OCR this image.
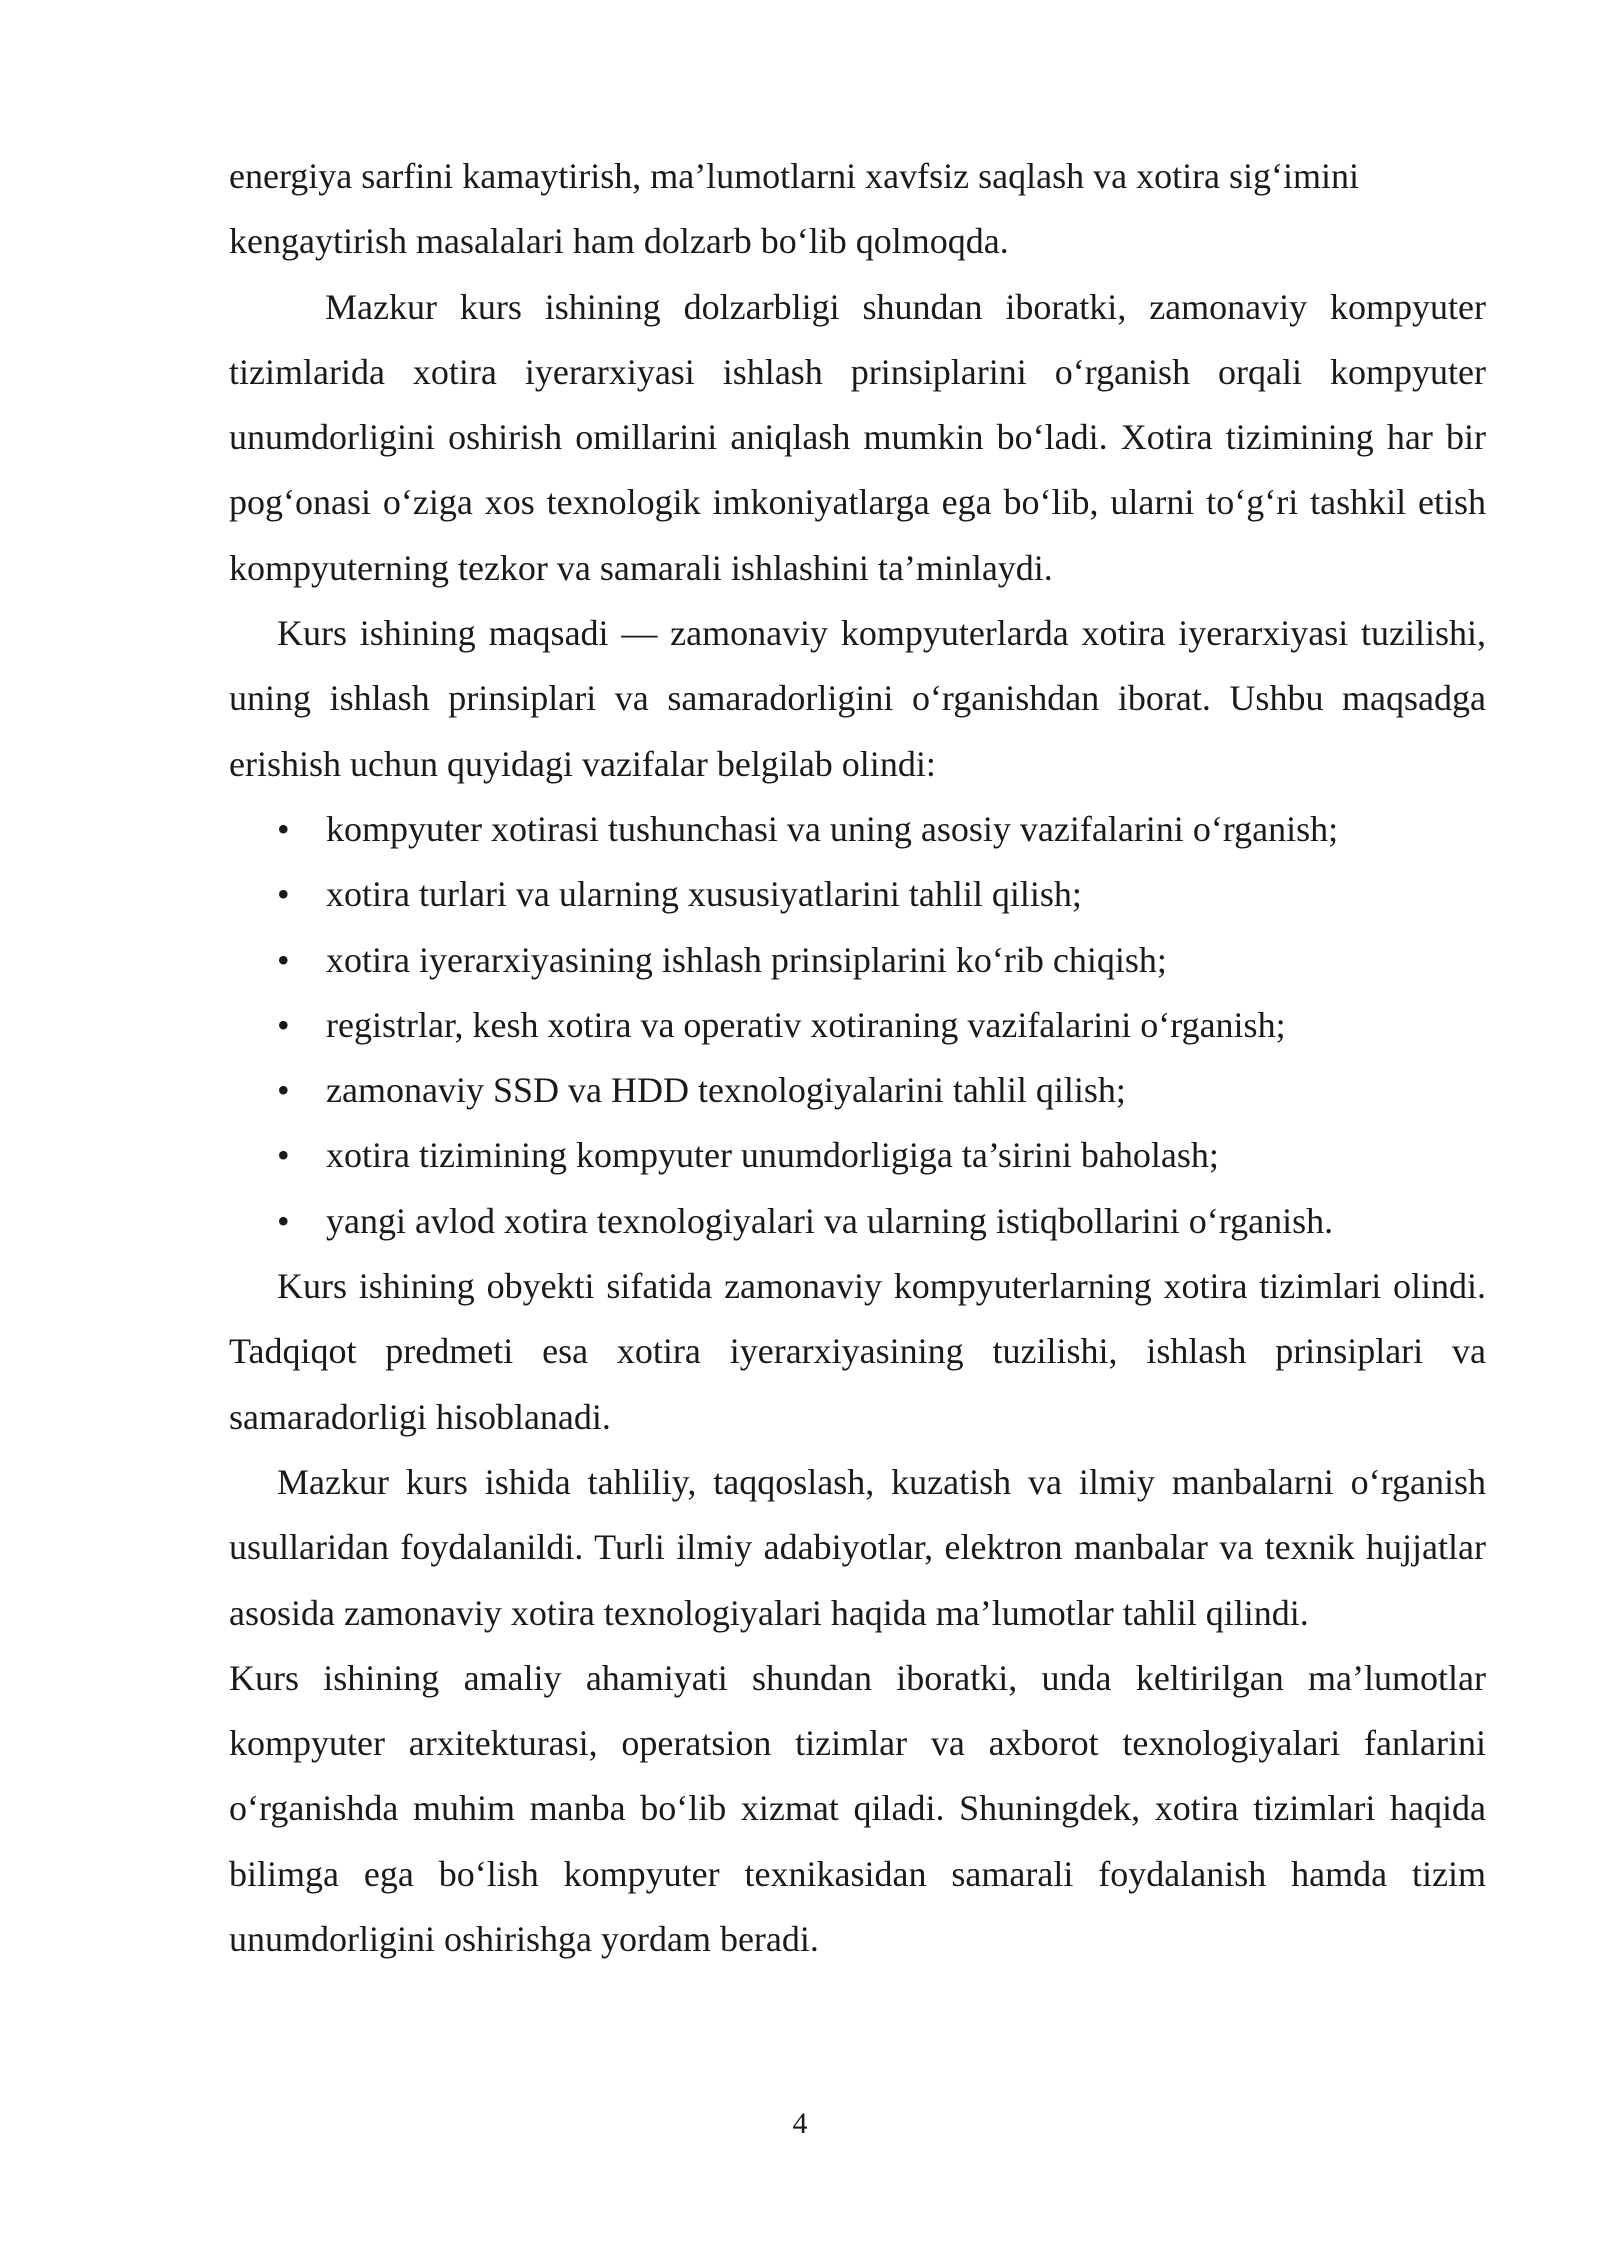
energiya sarfini kamaytirish, ma’lumotlarni xavfsiz saqlash va xotira sig‘imini
kengaytirish masalalari ham dolzarb bo‘lib qolmoqda.

Mazkur kurs ishining dolzarbligi shundan iboratki, zamonaviy kompyuter tizimlarida xotira iyerarxiyasi ishlash prinsiplarini o‘rganish orqali kompyuter unumdorligini oshirish omillarini aniqlash mumkin bo‘ladi. Xotira tizimining har bir pog‘onasi o‘ziga xos texnologik imkoniyatlarga ega bo‘lib, ularni to‘g‘ri tashkil etish kompyuterning tezkor va samarali ishlashini ta’minlaydi.

Kurs ishining maqsadi — zamonaviy kompyuterlarda xotira iyerarxiyasi tuzilishi, uning ishlash prinsiplari va samaradorligini o‘rganishdan iborat. Ushbu maqsadga erishish uchun quyidagi vazifalar belgilab olindi:

• kompyuter xotirasi tushunchasi va uning asosiy vazifalarini o‘rganish;
• xotira turlari va ularning xususiyatlarini tahlil qilish;
• xotira iyerarxiyasining ishlash prinsiplarini ko‘rib chiqish;
• registrlar, kesh xotira va operativ xotiraning vazifalarini o‘rganish;
• zamonaviy SSD va HDD texnologiyalarini tahlil qilish;
• xotira tizimining kompyuter unumdorligiga ta’sirini baholash;
• yangi avlod xotira texnologiyalari va ularning istiqbollarini o‘rganish.

Kurs ishining obyekti sifatida zamonaviy kompyuterlarning xotira tizimlari olindi. Tadqiqot predmeti esa xotira iyerarxiyasining tuzilishi, ishlash prinsiplari va samaradorligi hisoblanadi.

Mazkur kurs ishida tahliliy, taqqoslash, kuzatish va ilmiy manbalarni o‘rganish usullaridan foydalanildi. Turli ilmiy adabiyotlar, elektron manbalar va texnik hujjatlar asosida zamonaviy xotira texnologiyalari haqida ma’lumotlar tahlil qilindi.

Kurs ishining amaliy ahamiyati shundan iboratki, unda keltirilgan ma’lumotlar kompyuter arxitekturasi, operatsion tizimlar va axborot texnologiyalari fanlarini o‘rganishda muhim manba bo‘lib xizmat qiladi. Shuningdek, xotira tizimlari haqida bilimga ega bo‘lish kompyuter texnikasidan samarali foydalanish hamda tizim unumdorligini oshirishga yordam beradi.

4
